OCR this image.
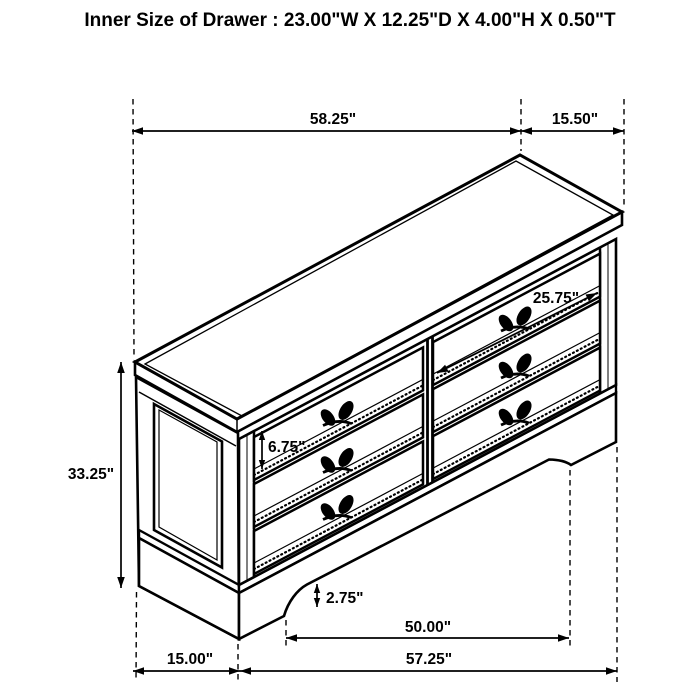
Inner Size of Drawer : 23.00"W X 12.25"D X 4.00"H X 0.50"T
58.25"	15.50"
33.25"
6.75"
25.75"
2.75"
50.00"
15.00"	57.25"
